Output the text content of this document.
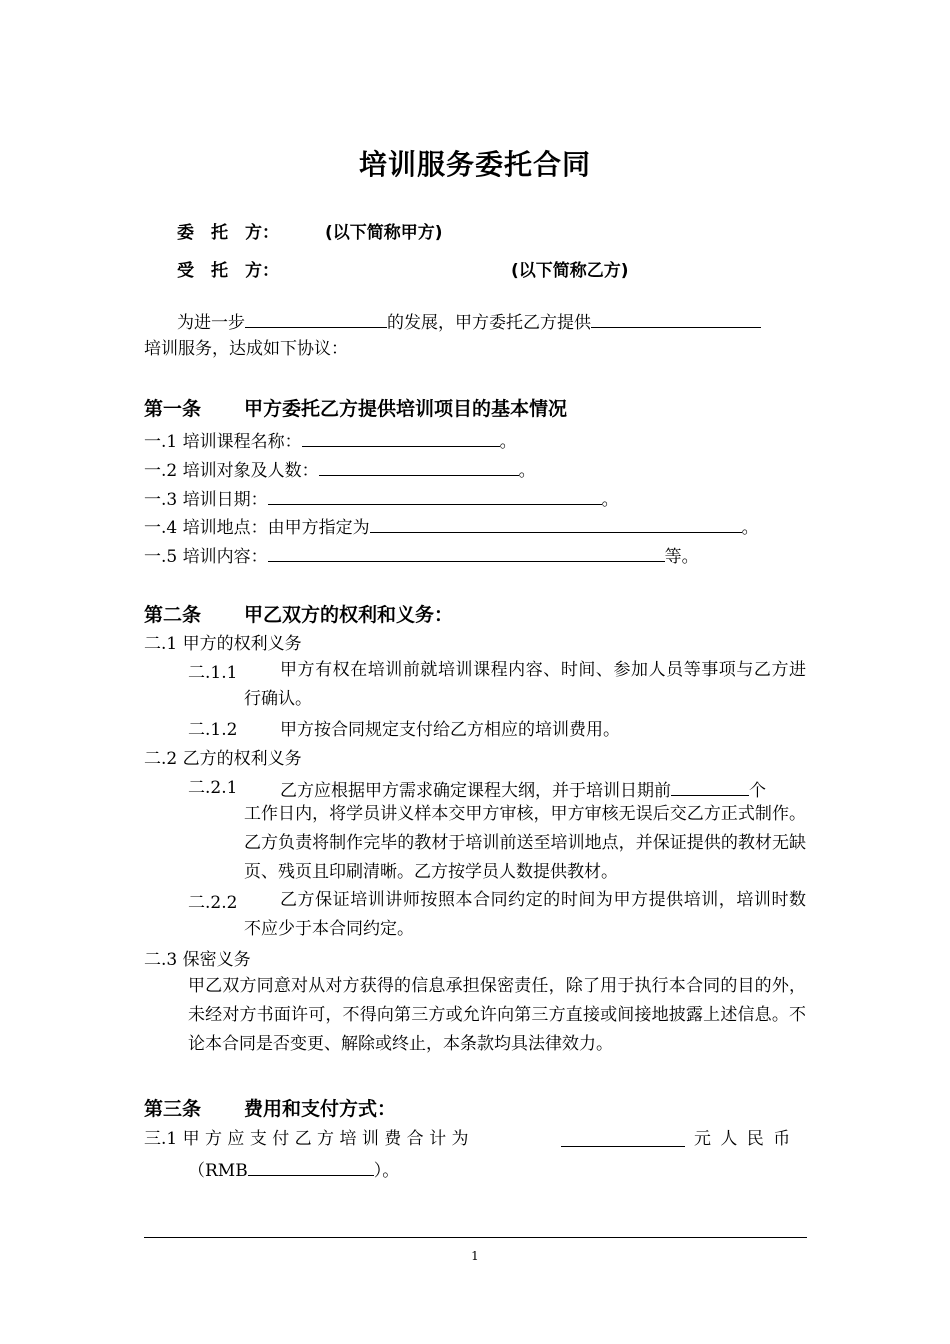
培训服务委托合同
委　托　方：	(以下简称甲方)
受　托　方：	(以下简称乙方)
为进一步	的发展，甲方委托乙方提供
培训服务，达成如下协议：
第一条 甲方委托乙方提供培训项目的基本情况
一.1 培训课程名称：	。
一.2 培训对象及人数：	。
一.3 培训日期：	。
一.4 培训地点：由甲方指定为	。
一.5 培训内容：	等。
第二条 甲乙双方的权利和义务：
二.1 甲方的权利义务
二.1.1	甲方有权在培训前就培训课程内容、时间、参加人员等事项与乙方进行确认。
二.1.2	甲方按合同规定支付给乙方相应的培训费用。
二.2 乙方的权利义务
二.2.1	乙方应根据甲方需求确定课程大纲，并于培训日期前	个
工作日内，将学员讲义样本交甲方审核，甲方审核无误后交乙方正式制作。乙方负责将制作完毕的教材于培训前送至培训地点，并保证提供的教材无缺页、残页且印刷清晰。乙方按学员人数提供教材。
二.2.2	乙方保证培训讲师按照本合同约定的时间为甲方提供培训，培训时数不应少于本合同约定。
二.3 保密义务
甲乙双方同意对从对方获得的信息承担保密责任，除了用于执行本合同的目的外，未经对方书面许可，不得向第三方或允许向第三方直接或间接地披露上述信息。不论本合同是否变更、解除或终止，本条款均具法律效力。
第三条 费用和支付方式：
三.1 甲 方 应 支 付 乙 方 培 训 费 合 计 为	元 人 民 币
（RMB	）。
1
